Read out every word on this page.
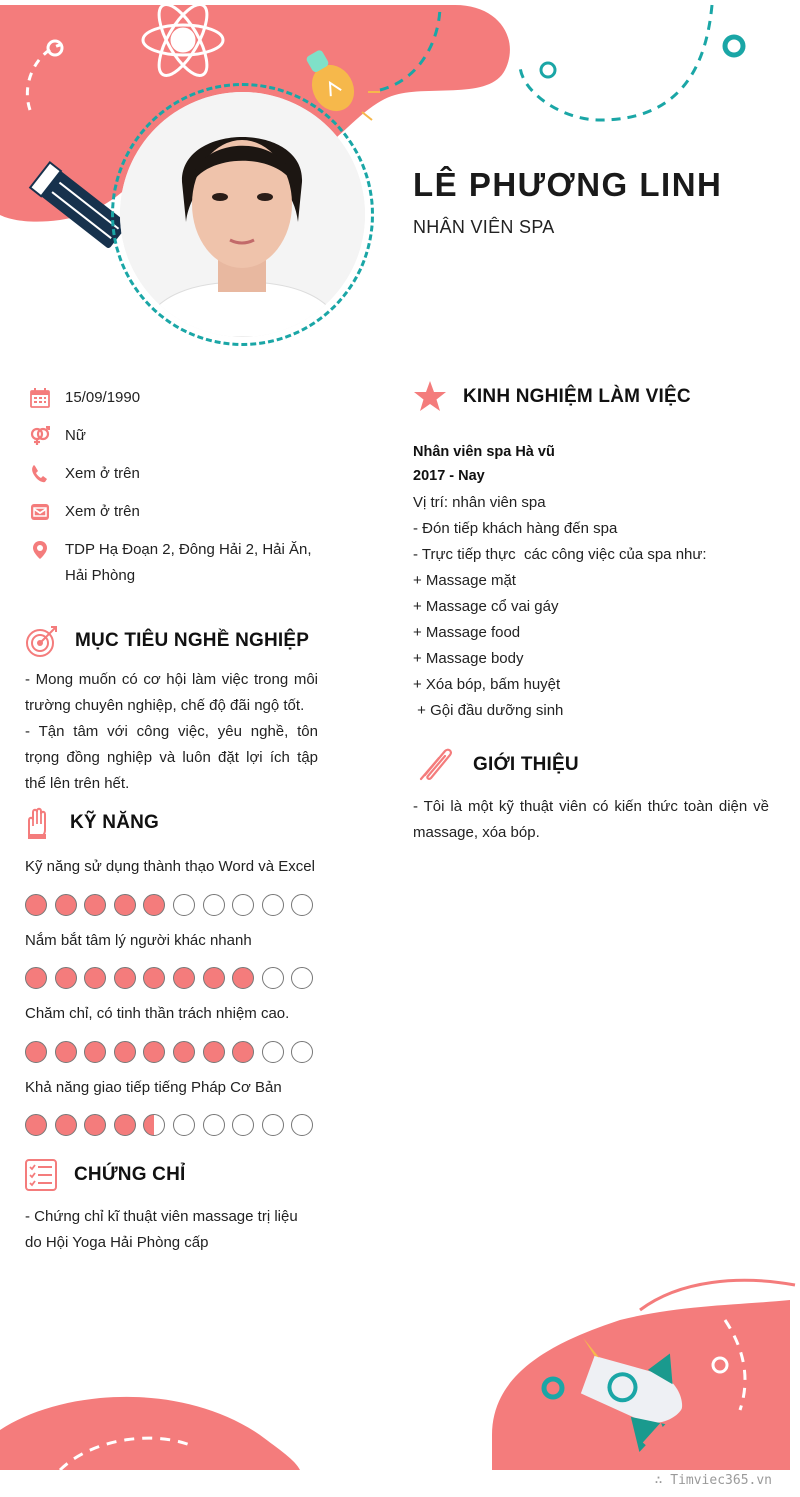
LÊ PHƯƠNG LINH
NHÂN VIÊN SPA
15/09/1990
Nữ
Xem ở trên
Xem ở trên
TDP Hạ Đoạn 2, Đông Hải 2, Hải Ăn, Hải Phòng
MỤC TIÊU NGHỀ NGHIỆP
- Mong muốn có cơ hội làm việc trong môi trường chuyên nghiệp, chế độ đãi ngộ tốt.
- Tận tâm với công việc, yêu nghề, tôn trọng đồng nghiệp và luôn đặt lợi ích tập thể lên trên hết.
KỸ NĂNG
Kỹ năng sử dụng thành thạo Word và Excel
Nắm bắt tâm lý người khác nhanh
Chăm chỉ, có tinh thần trách nhiệm cao.
Khả năng giao tiếp tiếng Pháp Cơ Bản
CHỨNG CHỈ
- Chứng chỉ kĩ thuật viên massage trị liệu do Hội Yoga Hải Phòng cấp
KINH NGHIỆM LÀM VIỆC
Nhân viên spa Hà vũ
2017 - Nay
Vị trí: nhân viên spa
- Đón tiếp khách hàng đến spa
- Trực tiếp thực  các công việc của spa như:
+ Massage mặt
+ Massage cổ vai gáy
+ Massage food
+ Massage body
+ Xóa bóp, bấm huyệt
+ Gội đầu dưỡng sinh
GIỚI THIỆU
- Tôi là một kỹ thuật viên có kiến thức toàn diện về massage, xóa bóp.
∴ Timviec365.vn
